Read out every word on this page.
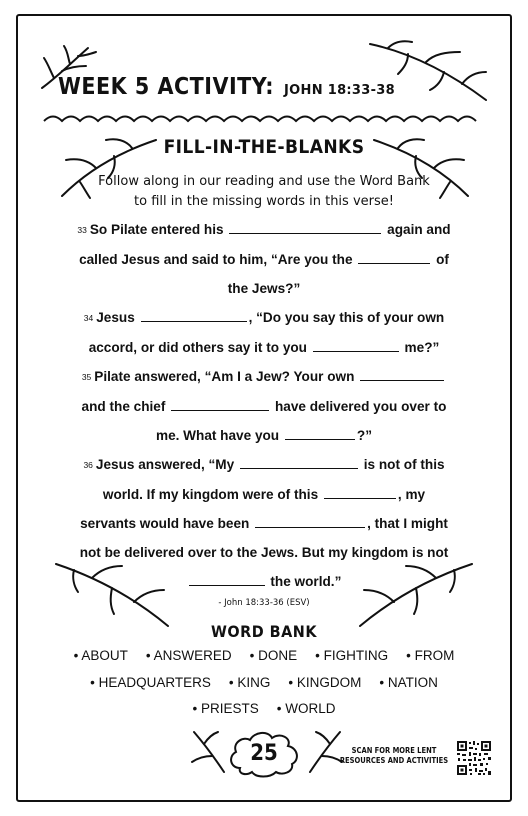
WEEK 5 ACTIVITY: JOHN 18:33-38
FILL-IN-THE-BLANKS
Follow along in our reading and use the Word Bank
to fill in the missing words in this verse!
33 So Pilate entered his	again and
called Jesus and said to him, “Are you the	of
the Jews?”
34 Jesus	, “Do you say this of your own
accord, or did others say it to you	me?”
35 Pilate answered, “Am I a Jew? Your own
and the chief	have delivered you over to
me. What have you	?”
36 Jesus answered, “My	is not of this
world. If my kingdom were of this	, my
servants would have been	, that I might
not be delivered over to the Jews. But my kingdom is not
the world.”
- John 18:33-36 (ESV)
WORD BANK
• ABOUT	• ANSWERED	• DONE	• FIGHTING	• FROM
• HEADQUARTERS	• KING	• KINGDOM	• NATION
• PRIESTS	• WORLD
25	SCAN FOR MORE LENT
RESOURCES AND ACTIVITIES
